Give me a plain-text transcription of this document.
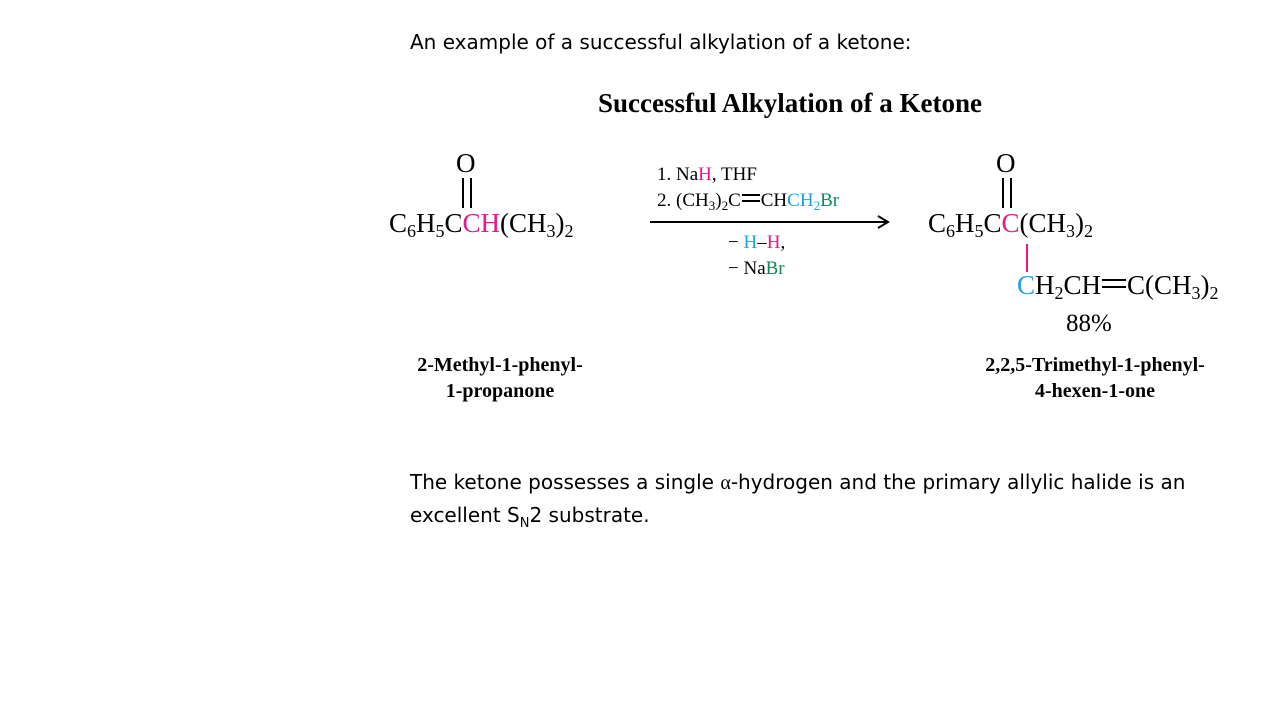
An example of a successful alkylation of a ketone:
Successful Alkylation of a Ketone
O
$C_6H_5CCH(CH_3)_2$
2-Methyl-1-phenyl-
1-propanone
1. NaH, THF
2. $(CH_3)_2C$ $CHCH_2Br$
− H–H,
− NaBr
O
$C_6H_5CC(CH_3)_2$
$CH_2CH$ $C(CH_3)_2$
88%
2,2,5-Trimethyl-1-phenyl-
4-hexen-1-one
The ketone possesses a single α-hydrogen and the primary allylic halide is an excellent $S_N2$ substrate.
